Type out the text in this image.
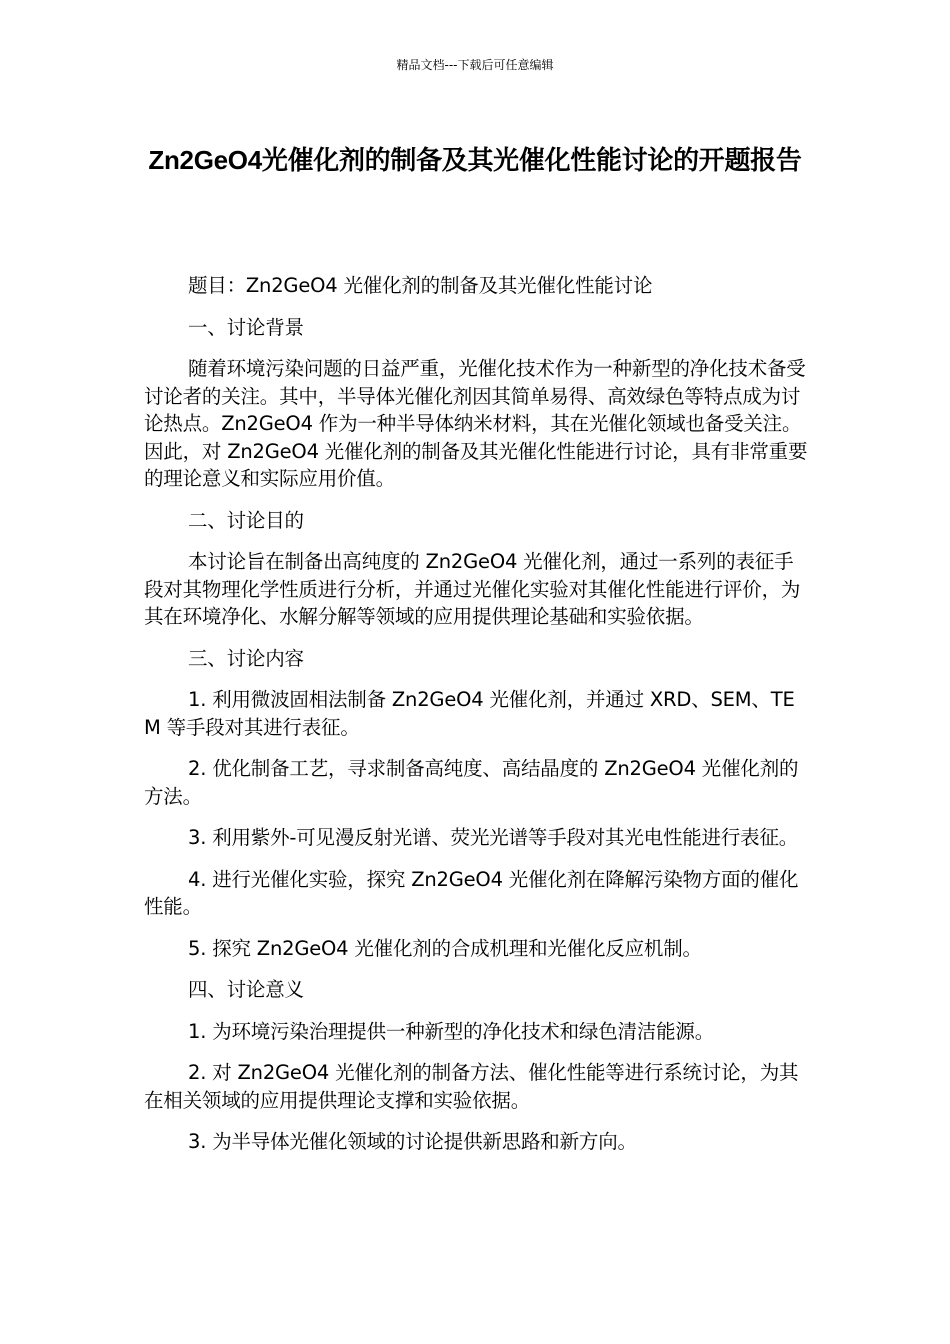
精品文档---下载后可任意编辑
Zn2GeO4光催化剂的制备及其光催化性能讨论的开题报告

题目：Zn2GeO4 光催化剂的制备及其光催化性能讨论

一、讨论背景

随着环境污染问题的日益严重，光催化技术作为一种新型的净化技术备受讨论者的关注。其中，半导体光催化剂因其简单易得、高效绿色等特点成为讨论热点。Zn2GeO4 作为一种半导体纳米材料，其在光催化领域也备受关注。因此，对 Zn2GeO4 光催化剂的制备及其光催化性能进行讨论，具有非常重要的理论意义和实际应用价值。

二、讨论目的

本讨论旨在制备出高纯度的 Zn2GeO4 光催化剂，通过一系列的表征手段对其物理化学性质进行分析，并通过光催化实验对其催化性能进行评价，为其在环境净化、水解分解等领域的应用提供理论基础和实验依据。

三、讨论内容

1. 利用微波固相法制备 Zn2GeO4 光催化剂，并通过 XRD、SEM、TEM 等手段对其进行表征。

2. 优化制备工艺，寻求制备高纯度、高结晶度的 Zn2GeO4 光催化剂的方法。

3. 利用紫外-可见漫反射光谱、荧光光谱等手段对其光电性能进行表征。

4. 进行光催化实验，探究 Zn2GeO4 光催化剂在降解污染物方面的催化性能。

5. 探究 Zn2GeO4 光催化剂的合成机理和光催化反应机制。

四、讨论意义

1. 为环境污染治理提供一种新型的净化技术和绿色清洁能源。

2. 对 Zn2GeO4 光催化剂的制备方法、催化性能等进行系统讨论，为其在相关领域的应用提供理论支撑和实验依据。

3. 为半导体光催化领域的讨论提供新思路和新方向。
